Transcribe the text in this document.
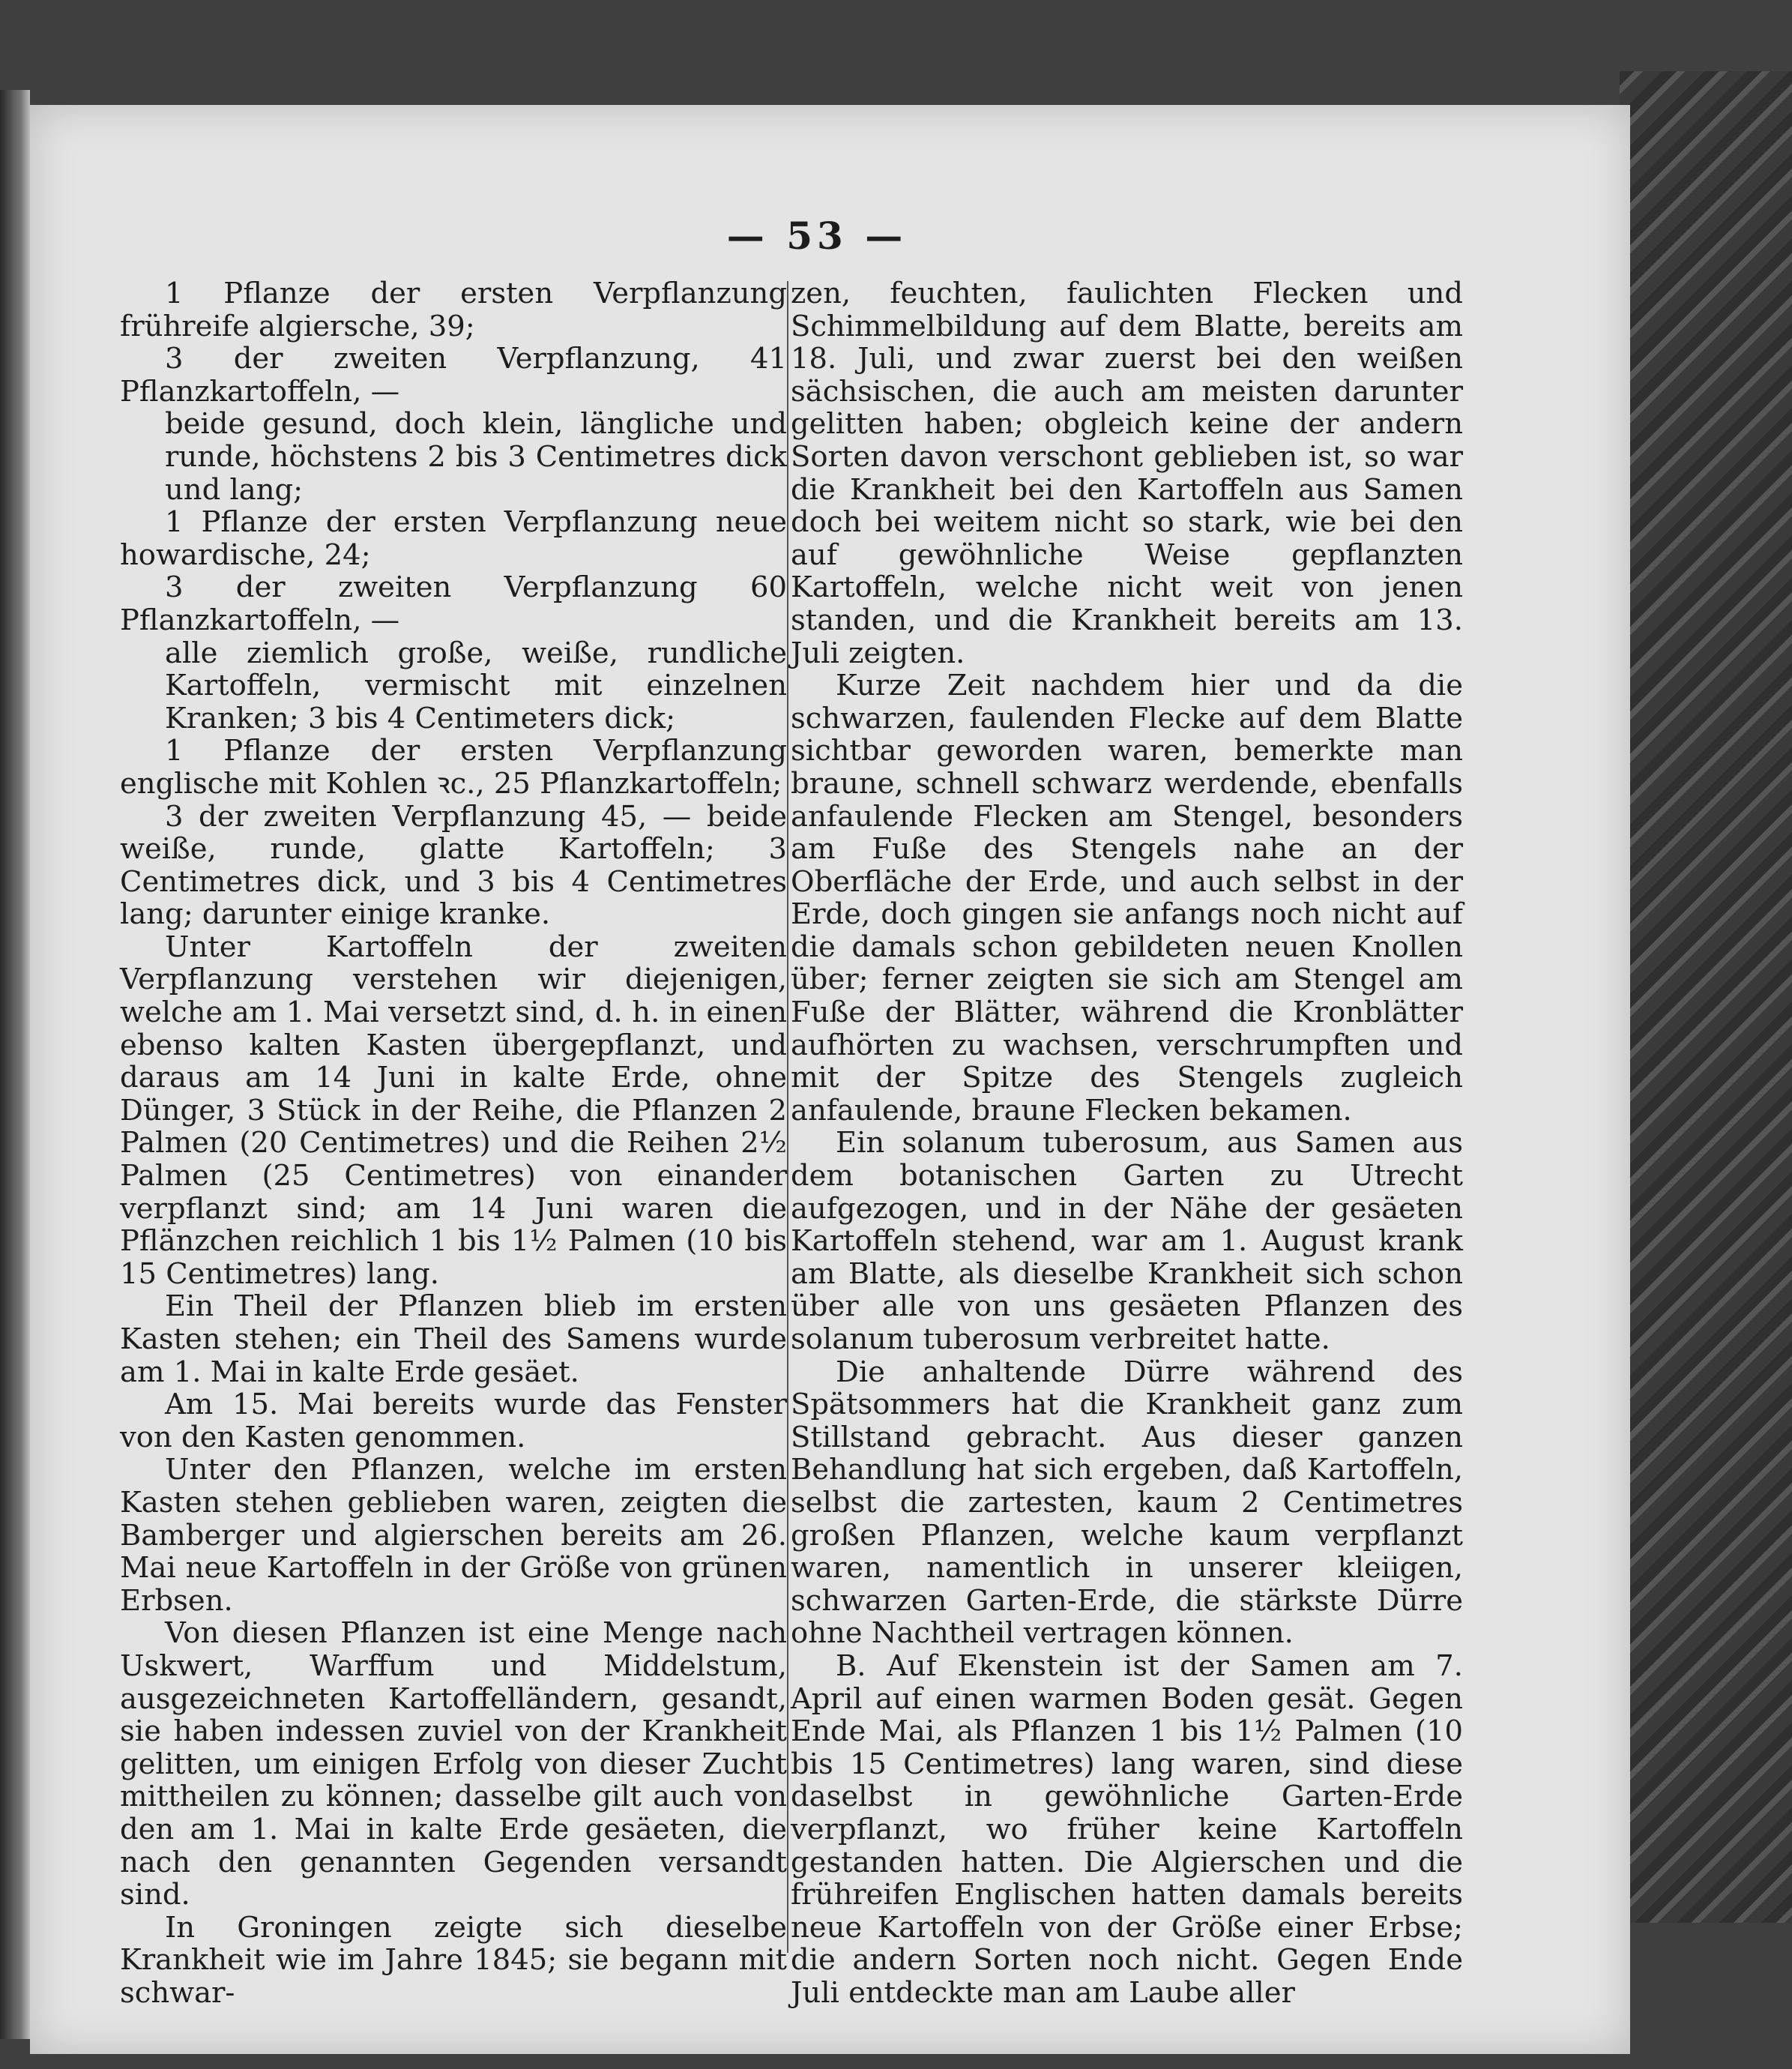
— 53 —

1 Pflanze der ersten Verpflanzung frühreife algiersche, 39;

3 der zweiten Verpflanzung, 41 Pflanzkartoffeln, —

beide gesund, doch klein, längliche und runde, höchstens 2 bis 3 Centimetres dick und lang;

1 Pflanze der ersten Verpflanzung neue howardische, 24;

3 der zweiten Verpflanzung 60 Pflanzkartoffeln, —

alle ziemlich große, weiße, rundliche Kartoffeln, vermischt mit einzelnen Kranken; 3 bis 4 Centimeters dick;

1 Pflanze der ersten Verpflanzung englische mit Kohlen ꝛc., 25 Pflanzkartoffeln;

3 der zweiten Verpflanzung 45, — beide weiße, runde, glatte Kartoffeln; 3 Centimetres dick, und 3 bis 4 Centimetres lang; darunter einige kranke.

Unter Kartoffeln der zweiten Verpflanzung verstehen wir diejenigen, welche am 1. Mai versetzt sind, d. h. in einen ebenso kalten Kasten übergepflanzt, und daraus am 14 Juni in kalte Erde, ohne Dünger, 3 Stück in der Reihe, die Pflanzen 2 Palmen (20 Centimetres) und die Reihen 2½ Palmen (25 Centimetres) von einander verpflanzt sind; am 14 Juni waren die Pflänzchen reichlich 1 bis 1½ Palmen (10 bis 15 Centimetres) lang.

Ein Theil der Pflanzen blieb im ersten Kasten stehen; ein Theil des Samens wurde am 1. Mai in kalte Erde gesäet.

Am 15. Mai bereits wurde das Fenster von den Kasten genommen.

Unter den Pflanzen, welche im ersten Kasten stehen geblieben waren, zeigten die Bamberger und algierschen bereits am 26. Mai neue Kartoffeln in der Größe von grünen Erbsen.

Von diesen Pflanzen ist eine Menge nach Uskwert, Warffum und Middelstum, ausgezeichneten Kartoffelländern, gesandt, sie haben indessen zuviel von der Krankheit gelitten, um einigen Erfolg von dieser Zucht mittheilen zu können; dasselbe gilt auch von den am 1. Mai in kalte Erde gesäeten, die nach den genannten Gegenden versandt sind.

In Groningen zeigte sich dieselbe Krankheit wie im Jahre 1845; sie begann mit schwar-

zen, feuchten, faulichten Flecken und Schimmelbildung auf dem Blatte, bereits am 18. Juli, und zwar zuerst bei den weißen sächsischen, die auch am meisten darunter gelitten haben; obgleich keine der andern Sorten davon verschont geblieben ist, so war die Krankheit bei den Kartoffeln aus Samen doch bei weitem nicht so stark, wie bei den auf gewöhnliche Weise gepflanzten Kartoffeln, welche nicht weit von jenen standen, und die Krankheit bereits am 13. Juli zeigten.

Kurze Zeit nachdem hier und da die schwarzen, faulenden Flecke auf dem Blatte sichtbar geworden waren, bemerkte man braune, schnell schwarz werdende, ebenfalls anfaulende Flecken am Stengel, besonders am Fuße des Stengels nahe an der Oberfläche der Erde, und auch selbst in der Erde, doch gingen sie anfangs noch nicht auf die damals schon gebildeten neuen Knollen über; ferner zeigten sie sich am Stengel am Fuße der Blätter, während die Kronblätter aufhörten zu wachsen, verschrumpften und mit der Spitze des Stengels zugleich anfaulende, braune Flecken bekamen.

Ein solanum tuberosum, aus Samen aus dem botanischen Garten zu Utrecht aufgezogen, und in der Nähe der gesäeten Kartoffeln stehend, war am 1. August krank am Blatte, als dieselbe Krankheit sich schon über alle von uns gesäeten Pflanzen des solanum tuberosum verbreitet hatte.

Die anhaltende Dürre während des Spätsommers hat die Krankheit ganz zum Stillstand gebracht. Aus dieser ganzen Behandlung hat sich ergeben, daß Kartoffeln, selbst die zartesten, kaum 2 Centimetres großen Pflanzen, welche kaum verpflanzt waren, namentlich in unserer kleiigen, schwarzen Garten-Erde, die stärkste Dürre ohne Nachtheil vertragen können.

B. Auf Ekenstein ist der Samen am 7. April auf einen warmen Boden gesät. Gegen Ende Mai, als Pflanzen 1 bis 1½ Palmen (10 bis 15 Centimetres) lang waren, sind diese daselbst in gewöhnliche Garten-Erde verpflanzt, wo früher keine Kartoffeln gestanden hatten. Die Algierschen und die frühreifen Englischen hatten damals bereits neue Kartoffeln von der Größe einer Erbse; die andern Sorten noch nicht. Gegen Ende Juli entdeckte man am Laube aller
